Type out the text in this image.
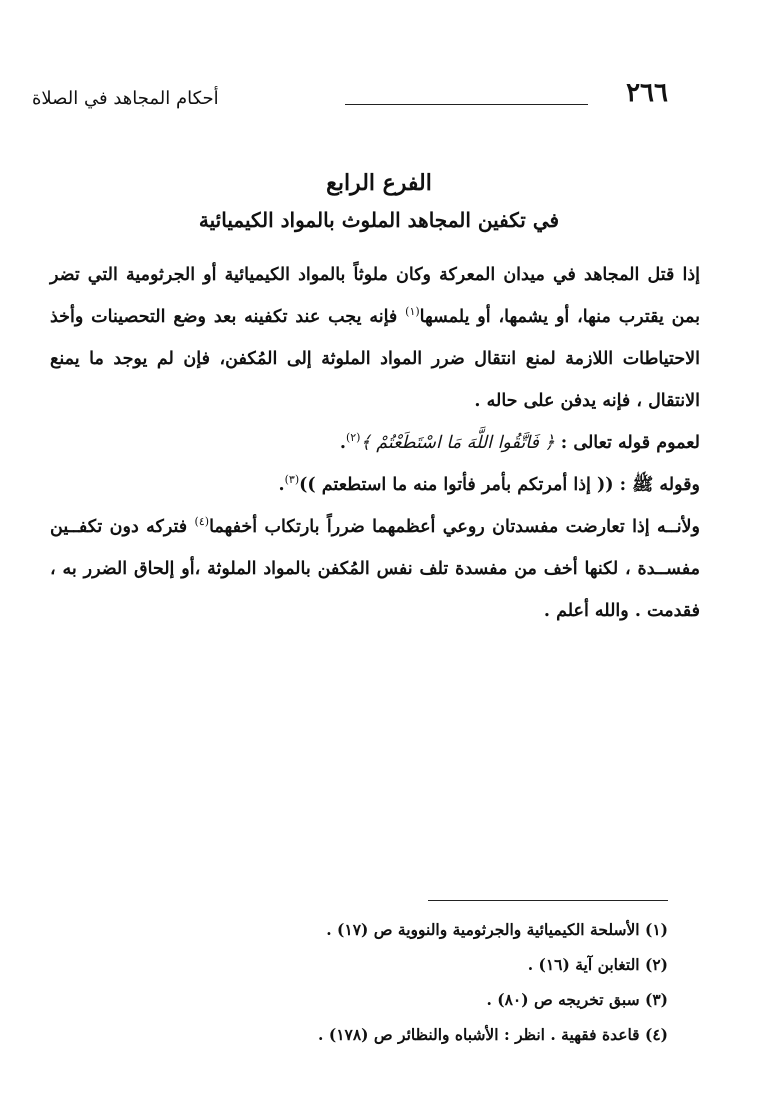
٢٦٦
أحكام المجاهد في الصلاة
الفرع الرابع
في تكفين المجاهد الملوث بالمواد الكيميائية

إذا قتل المجاهد في ميدان المعركة وكان ملوثاً بالمواد الكيميائية أو الجرثومية التي تضر بمن يقترب منها، أو يشمها، أو يلمسها$^{(١)}$ فإنه يجب عند تكفينه بعد وضع التحصينات وأخذ الاحتياطات اللازمة لمنع انتقال ضرر المواد الملوثة إلى المُكفن، فإن لم يوجد ما يمنع الانتقال ، فإنه يدفن على حاله .

لعموم قوله تعالى : ﴿ فَاتَّقُوا اللَّهَ مَا اسْتَطَعْتُمْ ﴾$^{(٢)}$.

وقوله ﷺ : (( إذا أمرتكم بأمر فأتوا منه ما استطعتم ))$^{(٣)}$.

ولأنــه إذا تعارضت مفسدتان روعي أعظمهما ضرراً بارتكاب أخفهما$^{(٤)}$ فتركه دون تكفــين مفســدة ، لكنها أخف من مفسدة تلف نفس المُكفن بالمواد الملوثة ،أو إلحاق الضرر به ، فقدمت . والله أعلم .

(١) الأسلحة الكيميائية والجرثومية والنووية ص (١٧) .
(٢) التغابن آية (١٦) .
(٣) سبق تخريجه ص (٨٠) .
(٤) قاعدة فقهية . انظر : الأشباه والنظائر ص (١٧٨) .
